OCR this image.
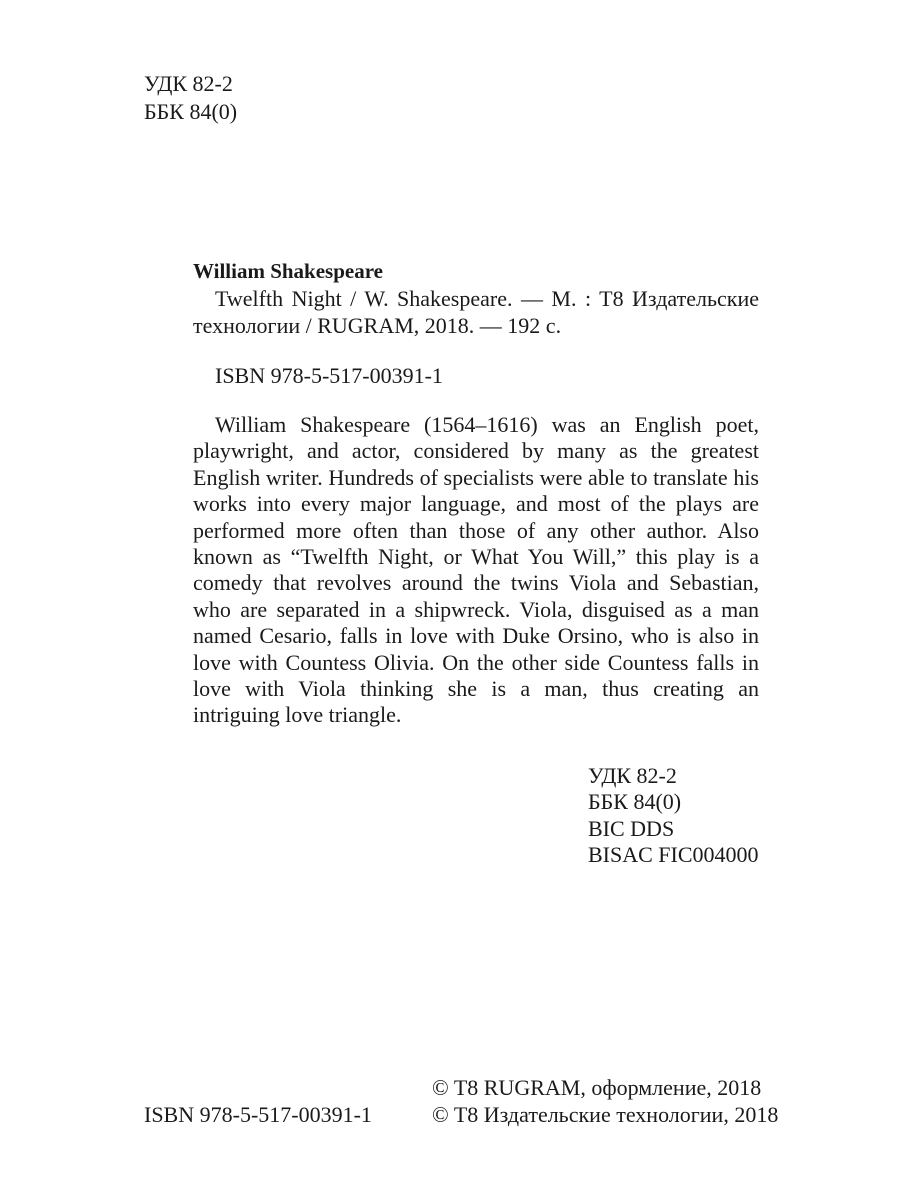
УДК 82-2
ББК 84(0)
William Shakespeare
Twelfth Night / W. Shakespeare. — M. : T8 Издательские технологии / RUGRAM, 2018. — 192 с.
ISBN 978-5-517-00391-1
William Shakespeare (1564–1616) was an English poet, playwright, and actor, considered by many as the greatest English writer. Hundreds of specialists were able to translate his works into every major language, and most of the plays are performed more often than those of any other author. Also known as “Twelfth Night, or What You Will,” this play is a comedy that revolves around the twins Viola and Sebastian, who are separated in a shipwreck. Viola, disguised as a man named Cesario, falls in love with Duke Orsino, who is also in love with Countess Olivia. On the other side Countess falls in love with Viola thinking she is a man, thus creating an intriguing love triangle.
УДК 82-2
ББК 84(0)
BIC DDS
BISAC FIC004000
ISBN 978-5-517-00391-1
© T8 RUGRAM, оформление, 2018
© T8 Издательские технологии, 2018
